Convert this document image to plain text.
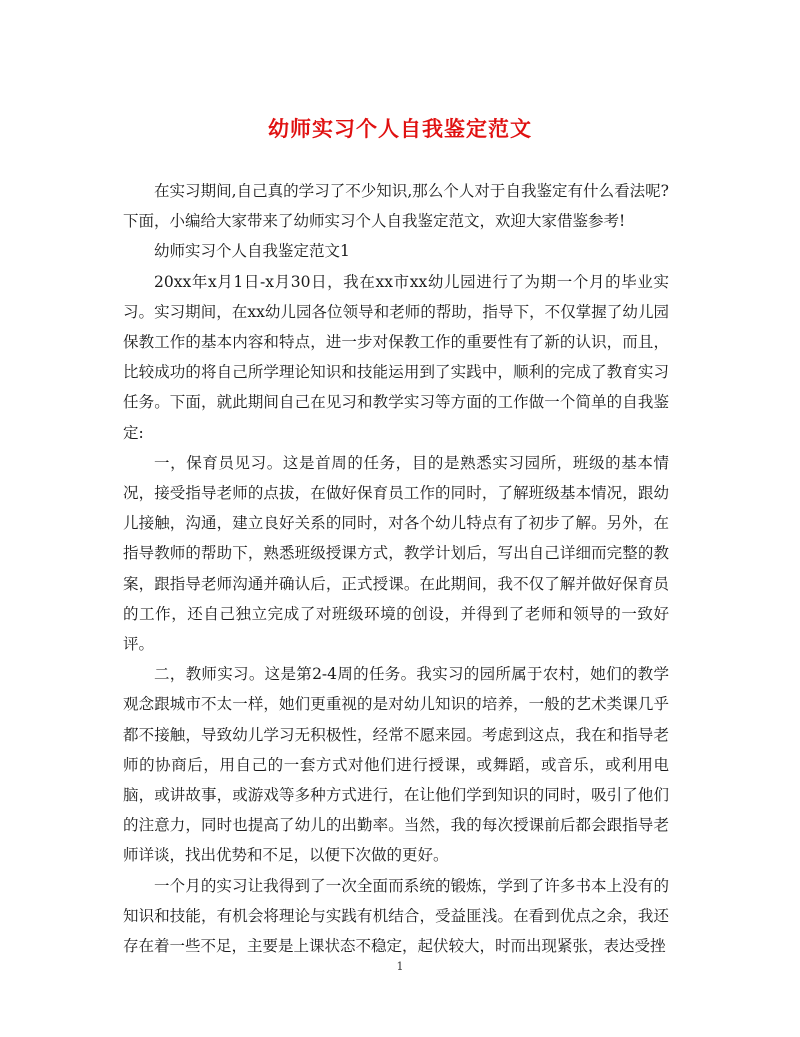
幼师实习个人自我鉴定范文

在实习期间,自己真的学习了不少知识,那么个人对于自我鉴定有什么看法呢?下面，小编给大家带来了幼师实习个人自我鉴定范文，欢迎大家借鉴参考!

幼师实习个人自我鉴定范文1

20xx年x月1日-x月30日，我在xx市xx幼儿园进行了为期一个月的毕业实习。实习期间，在xx幼儿园各位领导和老师的帮助，指导下，不仅掌握了幼儿园保教工作的基本内容和特点，进一步对保教工作的重要性有了新的认识，而且，比较成功的将自己所学理论知识和技能运用到了实践中，顺利的完成了教育实习任务。下面，就此期间自己在见习和教学实习等方面的工作做一个简单的自我鉴定:

一，保育员见习。这是首周的任务，目的是熟悉实习园所，班级的基本情况，接受指导老师的点拔，在做好保育员工作的同时，了解班级基本情况，跟幼儿接触，沟通，建立良好关系的同时，对各个幼儿特点有了初步了解。另外，在指导教师的帮助下，熟悉班级授课方式，教学计划后，写出自己详细而完整的教案，跟指导老师沟通并确认后，正式授课。在此期间，我不仅了解并做好保育员的工作，还自己独立完成了对班级环境的创设，并得到了老师和领导的一致好评。

二，教师实习。这是第2-4周的任务。我实习的园所属于农村，她们的教学观念跟城市不太一样，她们更重视的是对幼儿知识的培养，一般的艺术类课几乎都不接触，导致幼儿学习无积极性，经常不愿来园。考虑到这点，我在和指导老师的协商后，用自己的一套方式对他们进行授课，或舞蹈，或音乐，或利用电脑，或讲故事，或游戏等多种方式进行，在让他们学到知识的同时，吸引了他们的注意力，同时也提高了幼儿的出勤率。当然，我的每次授课前后都会跟指导老师详谈，找出优势和不足，以便下次做的更好。

一个月的实习让我得到了一次全面而系统的锻炼，学到了许多书本上没有的知识和技能，有机会将理论与实践有机结合，受益匪浅。在看到优点之余，我还存在着一些不足，主要是上课状态不稳定，起伏较大，时而出现紧张，表达受挫

1
